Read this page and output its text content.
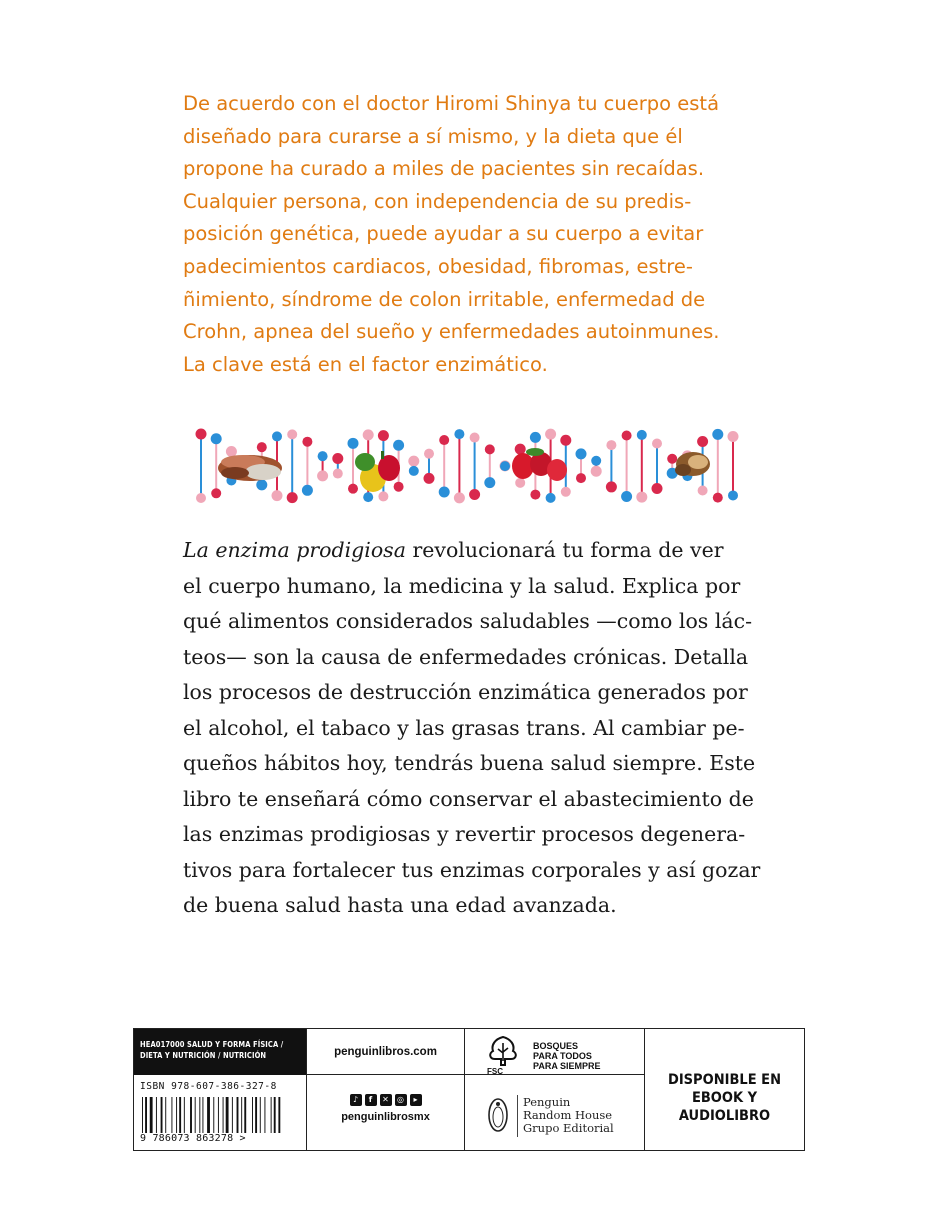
De acuerdo con el doctor Hiromi Shinya tu cuerpo está
diseñado para curarse a sí mismo, y la dieta que él
propone ha curado a miles de pacientes sin recaídas.
Cualquier persona, con independencia de su predis-
posición genética, puede ayudar a su cuerpo a evitar
padecimientos cardiacos, obesidad, fibromas, estre-
ñimiento, síndrome de colon irritable, enfermedad de
Crohn, apnea del sueño y enfermedades autoinmunes.
La clave está en el factor enzimático.
La enzima prodigiosa revolucionará tu forma de ver
el cuerpo humano, la medicina y la salud. Explica por
qué alimentos considerados saludables —como los lác-
teos— son la causa de enfermedades crónicas. Detalla
los procesos de destrucción enzimática generados por
el alcohol, el tabaco y las grasas trans. Al cambiar pe-
queños hábitos hoy, tendrás buena salud siempre. Este
libro te enseñará cómo conservar el abastecimiento de
las enzimas prodigiosas y revertir procesos degenera-
tivos para fortalecer tus enzimas corporales y así gozar
de buena salud hasta una edad avanzada.
HEA017000 SALUD Y FORMA FÍSICA /
DIETA Y NUTRICIÓN / NUTRICIÓN
ISBN 978-607-386-327-8
9 786073 863278 >
penguinlibros.com
♪	f	✕	◎	▸
penguinlibrosmx
FSC
BOSQUES
PARA TODOS
PARA SIEMPRE
Penguin
Random House
Grupo Editorial
DISPONIBLE EN
EBOOK Y AUDIOLIBRO
